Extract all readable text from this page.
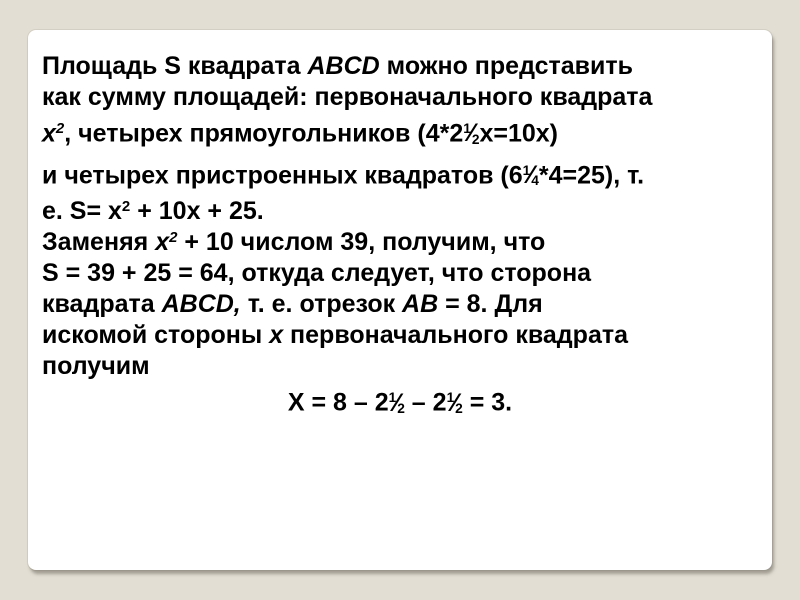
Площадь S квадрата ABCD можно представить
как сумму площадей: первоначального квадрата
$x^2$, четырех прямоугольников $(4*2^1⁄2x=10x)$
и четырех пристроенных квадратов $(6^1⁄4*4=25)$, т.
е. $S= x^2 + 10x + 25$.
Заменяя $x^2 + 10$ числом 39, получим, что
S = 39 + 25 = 64, откуда следует, что сторона
квадрата ABCD, т. е. отрезок AB = 8. Для
искомой стороны x первоначального квадрата
получим
$X = 8 - 2^1⁄2$ – $2^1⁄2 = 3$.
